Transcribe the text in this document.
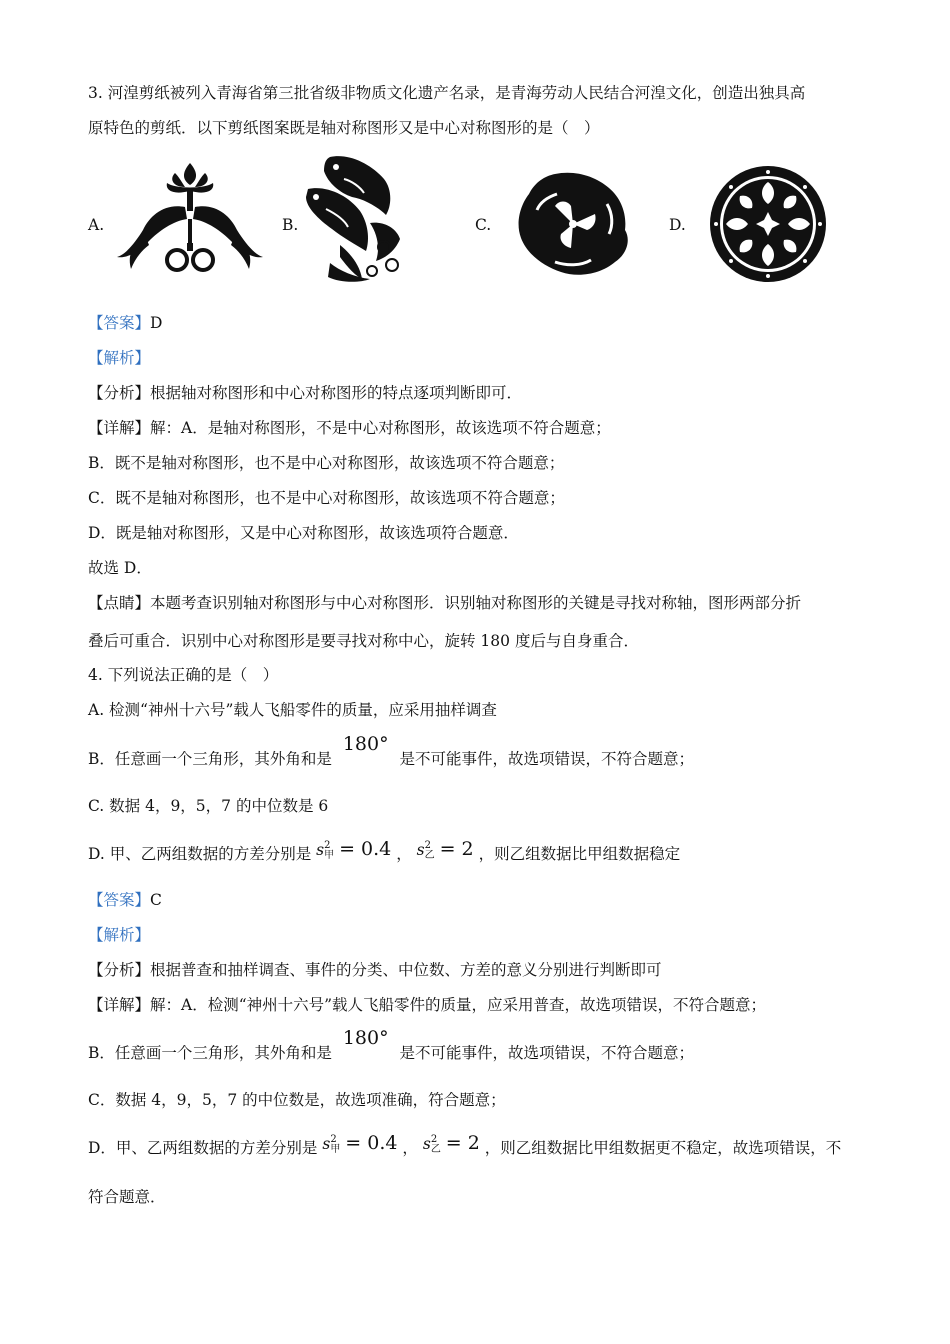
3. 河湟剪纸被列入青海省第三批省级非物质文化遗产名录，是青海劳动人民结合河湟文化，创造出独具高
原特色的剪纸．以下剪纸图案既是轴对称图形又是中心对称图形的是（　）
A.	B.	C.	D.
【答案】D
【解析】
【分析】根据轴对称图形和中心对称图形的特点逐项判断即可．
【详解】解：A．是轴对称图形，不是中心对称图形，故该选项不符合题意；
B．既不是轴对称图形，也不是中心对称图形，故该选项不符合题意；
C．既不是轴对称图形，也不是中心对称图形，故该选项不符合题意；
D．既是轴对称图形，又是中心对称图形，故该选项符合题意．
故选 D．
【点睛】本题考查识别轴对称图形与中心对称图形．识别轴对称图形的关键是寻找对称轴，图形两部分折
叠后可重合．识别中心对称图形是要寻找对称中心，旋转 180 度后与自身重合．
4. 下列说法正确的是（　）
A. 检测“神州十六号”载人飞船零件的质量，应采用抽样调查
B．任意画一个三角形，其外角和是 180° 是不可能事件，故选项错误，不符合题意；
C. 数据 4，9，5，7 的中位数是 6
D. 甲、乙两组数据的方差分别是 s 2
甲 = 0.4 ， s 2
乙 = 2 ，则乙组数据比甲组数据稳定
【答案】C
【解析】
【分析】根据普查和抽样调查、事件的分类、中位数、方差的意义分别进行判断即可
【详解】解：A．检测“神州十六号”载人飞船零件的质量，应采用普查，故选项错误，不符合题意；
B．任意画一个三角形，其外角和是 180° 是不可能事件，故选项错误，不符合题意；
C．数据 4，9，5，7 的中位数是，故选项准确，符合题意；
D．甲、乙两组数据的方差分别是 s 2
甲 = 0.4 ， s 2
乙 = 2 ，则乙组数据比甲组数据更不稳定，故选项错误，不
符合题意．
